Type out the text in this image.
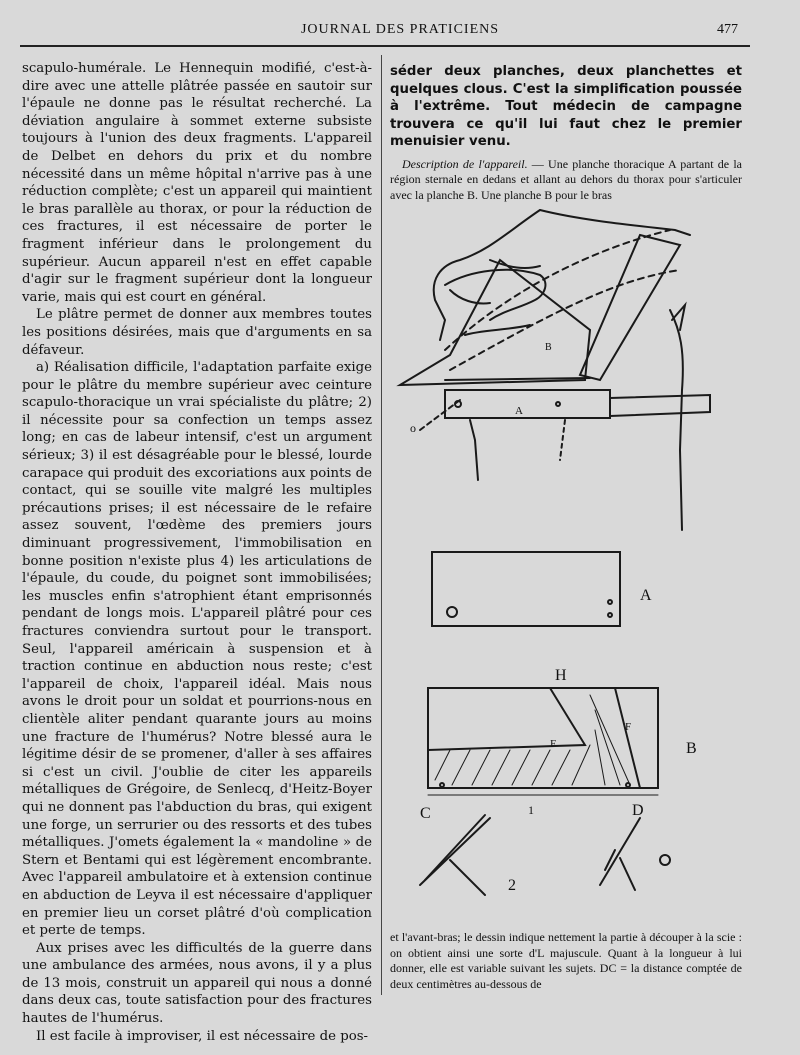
JOURNAL DES PRATICIENS	477

scapulo-humérale. Le Hennequin modifié, c'est-à-dire avec une attelle plâtrée passée en sautoir sur l'épaule ne donne pas le résultat recherché. La déviation angulaire à sommet externe subsiste toujours à l'union des deux fragments. L'appareil de Delbet en dehors du prix et du nombre nécessité dans un même hôpital n'arrive pas à une réduction complète; c'est un appareil qui maintient le bras parallèle au thorax, or pour la réduction de ces fractures, il est nécessaire de porter le fragment inférieur dans le prolongement du supérieur. Aucun appareil n'est en effet capable d'agir sur le fragment supérieur dont la longueur varie, mais qui est court en général.

Le plâtre permet de donner aux membres toutes les positions désirées, mais que d'arguments en sa défaveur.

a) Réalisation difficile, l'adaptation parfaite exige pour le plâtre du membre supérieur avec ceinture scapulo-thoracique un vrai spécialiste du plâtre; 2) il nécessite pour sa confection un temps assez long; en cas de labeur intensif, c'est un argument sérieux; 3) il est désagréable pour le blessé, lourde carapace qui produit des excoriations aux points de contact, qui se souille vite malgré les multiples précautions prises; il est nécessaire de le refaire assez souvent, l'œdème des premiers jours diminuant progressivement, l'immobilisation en bonne position n'existe plus 4) les articulations de l'épaule, du coude, du poignet sont immobilisées; les muscles enfin s'atrophient étant emprisonnés pendant de longs mois. L'appareil plâtré pour ces fractures conviendra surtout pour le transport. Seul, l'appareil américain à suspension et à traction continue en abduction nous reste; c'est l'appareil de choix, l'appareil idéal. Mais nous avons le droit pour un soldat et pourrions-nous en clientèle aliter pendant quarante jours au moins une fracture de l'humérus? Notre blessé aura le légitime désir de se promener, d'aller à ses affaires si c'est un civil. J'oublie de citer les appareils métalliques de Grégoire, de Senlecq, d'Heitz-Boyer qui ne donnent pas l'abduction du bras, qui exigent une forge, un serrurier ou des ressorts et des tubes métalliques. J'omets également la « mandoline » de Stern et Bentami qui est légèrement encombrante. Avec l'appareil ambulatoire et à extension continue en abduction de Leyva il est nécessaire d'appliquer en premier lieu un corset plâtré d'où complication et perte de temps.

Aux prises avec les difficultés de la guerre dans une ambulance des armées, nous avons, il y a plus de 13 mois, construit un appareil qui nous a donné dans deux cas, toute satisfaction pour des fractures hautes de l'humérus.

Il est facile à improviser, il est nécessaire de pos-

séder deux planches, deux planchettes et quelques clous. C'est la simplification poussée à l'extrême. Tout médecin de campagne trouvera ce qu'il lui faut chez le premier menuisier venu.

Description de l'appareil. — Une planche thoracique A partant de la région sternale en dedans et allant au dehors du thorax pour s'articuler avec la planche B. Une planche B pour le bras

A
B
H
C	D
F
1
2
o
A
B
F

et l'avant-bras; le dessin indique nettement la partie à découper à la scie : on obtient ainsi une sorte d'L majuscule. Quant à la longueur à lui donner, elle est variable suivant les sujets. DC = la distance comptée de deux centimètres au-dessous de
